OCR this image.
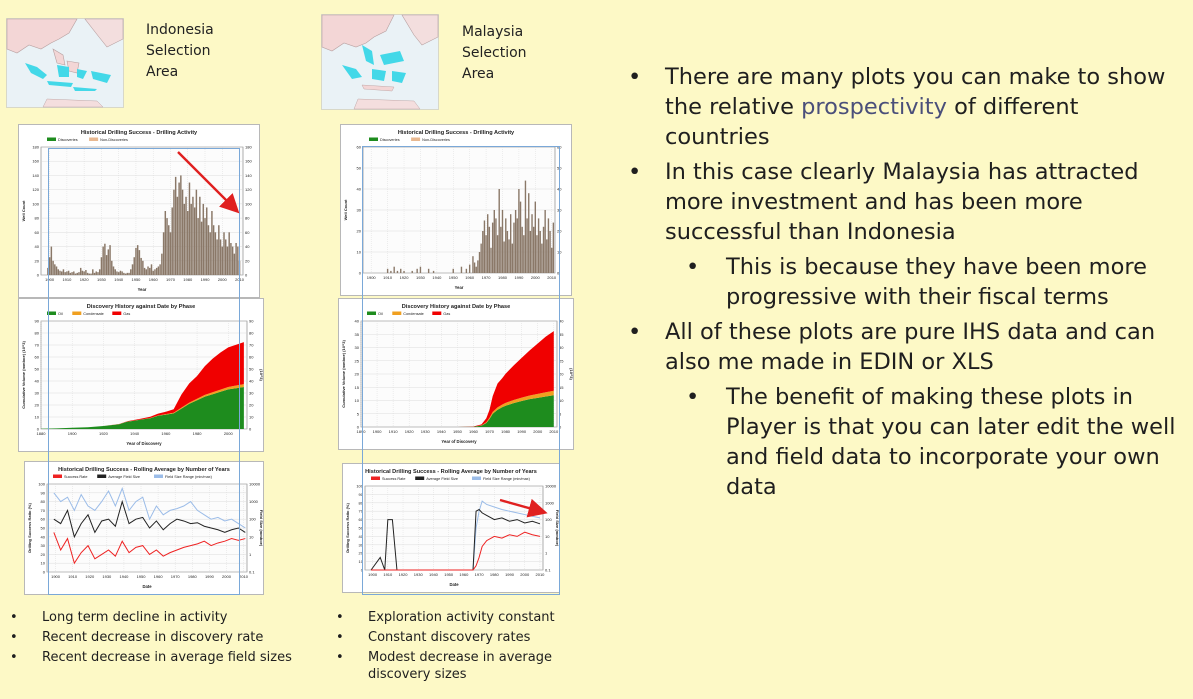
Indonesia
Selection
Area
Malaysia
Selection
Area
Historical Drilling Success - Drilling Activity
Discoveries	Non-Discoveries
0
20
40
60
80
100
120
140
160
180
0
20
40
60
80
100
120
140
160
180
1900 1910 1920 1930 1940 1950 1960 1970 1980 1990 2000 2010
Year
Well Count
Discovery History against Date by Phase
Oil	Condensate	Gas
0
10
20
30
40
50
60
70
80
90
0
10
20
30
40
50
60
70
80
90
1880	1900	1920	1940	1960	1980	2000
Year of Discovery
Cumulative Volume (mmboe) (10^3)	(10^3)
Historical Drilling Success - Rolling Average by Number of Years
Success Rate	Average Field Size	Field Size Range (min/max)
0
10
20
30
40
50
60
70
80
90
100
0.1
1
10
100
1000
10000
1900 1910 1920 1930 1940 1950 1960 1970 1980 1990 2000 2010
Date
Drilling Success Ratio (%)	Field Size (mmboe)
Historical Drilling Success - Drilling Activity
Discoveries	Non-Discoveries
0
10
20
30
40
50
60
0
10
20
30
40
50
60
1900 1910 1920 1930 1940 1950 1960 1970 1980 1990 2000 2010
Year
Well Count
Discovery History against Date by Phase
Oil	Condensate	Gas
0
5
10
15
20
25
30
35
40
0
5
10
15
20
25
30
35
40
1890 1900 1910 1920 1930 1940 1950 1960 1970 1980 1990 2000 2010
Year of Discovery
Cumulative Volume (mmboe) (10^3)	(10^3)
Historical Drilling Success - Rolling Average by Number of Years
Success Rate	Average Field Size	Field Size Range (min/max)
0
10
20
30
40
50
60
70
80
90
100
0.1
1
10
100
1000
10000
1900 1910 1920 1930 1940 1950 1960 1970 1980 1990 2000 2010
Date
Drilling Success Ratio (%)	Field Size (mmboe)
• There are many plots you can make to show the relative prospectivity of different countries
• In this case clearly Malaysia has attracted more investment and has been more successful than Indonesia
• This is because they have been more progressive with their fiscal terms
• All of these plots are pure IHS data and can also me made in EDIN or XLS
• The benefit of making these plots in Player is that you can later edit the well and field data to incorporate your own data
• Long term decline in activity
• Recent decrease in discovery rate
• Recent decrease in average field sizes
• Exploration activity constant
• Constant discovery rates
• Modest decrease in average discovery sizes
